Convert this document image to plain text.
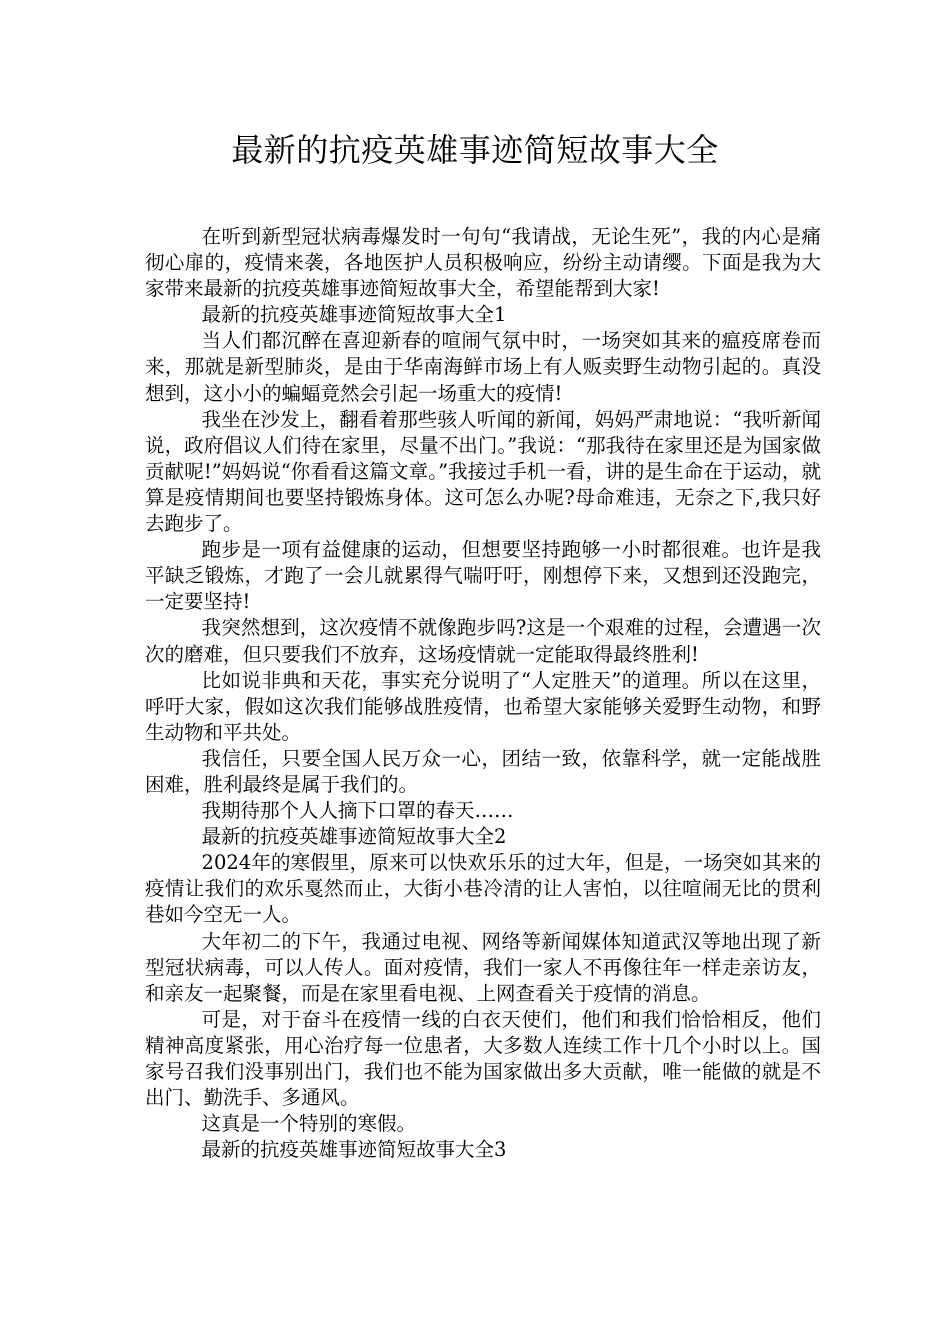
最新的抗疫英雄事迹简短故事大全

在听到新型冠状病毒爆发时一句句“我请战，无论生死”，我的内心是痛彻心扉的，疫情来袭，各地医护人员积极响应，纷纷主动请缨。下面是我为大家带来最新的抗疫英雄事迹简短故事大全，希望能帮到大家!

最新的抗疫英雄事迹简短故事大全1

当人们都沉醉在喜迎新春的喧闹气氛中时，一场突如其来的瘟疫席卷而来，那就是新型肺炎，是由于华南海鲜市场上有人贩卖野生动物引起的。真没想到，这小小的蝙蝠竟然会引起一场重大的疫情!

我坐在沙发上，翻看着那些骇人听闻的新闻，妈妈严肃地说：“我听新闻说，政府倡议人们待在家里，尽量不出门。”我说：“那我待在家里还是为国家做贡献呢!”妈妈说“你看看这篇文章。”我接过手机一看，讲的是生命在于运动，就算是疫情期间也要坚持锻炼身体。这可怎么办呢?母命难违，无奈之下,我只好去跑步了。

跑步是一项有益健康的运动，但想要坚持跑够一小时都很难。也许是我平缺乏锻炼，才跑了一会儿就累得气喘吁吁，刚想停下来，又想到还没跑完，一定要坚持!

我突然想到，这次疫情不就像跑步吗?这是一个艰难的过程，会遭遇一次次的磨难，但只要我们不放弃，这场疫情就一定能取得最终胜利!

比如说非典和天花，事实充分说明了“人定胜天”的道理。所以在这里，呼吁大家，假如这次我们能够战胜疫情，也希望大家能够关爱野生动物，和野生动物和平共处。

我信任，只要全国人民万众一心，团结一致，依靠科学，就一定能战胜困难，胜利最终是属于我们的。

我期待那个人人摘下口罩的春天……

最新的抗疫英雄事迹简短故事大全2

2024年的寒假里，原来可以快欢乐乐的过大年，但是，一场突如其来的疫情让我们的欢乐戛然而止，大街小巷冷清的让人害怕，以往喧闹无比的贯利巷如今空无一人。

大年初二的下午，我通过电视、网络等新闻媒体知道武汉等地出现了新型冠状病毒，可以人传人。面对疫情，我们一家人不再像往年一样走亲访友，和亲友一起聚餐，而是在家里看电视、上网查看关于疫情的消息。

可是，对于奋斗在疫情一线的白衣天使们，他们和我们恰恰相反，他们精神高度紧张，用心治疗每一位患者，大多数人连续工作十几个小时以上。国家号召我们没事别出门，我们也不能为国家做出多大贡献，唯一能做的就是不出门、勤洗手、多通风。

这真是一个特别的寒假。

最新的抗疫英雄事迹简短故事大全3
